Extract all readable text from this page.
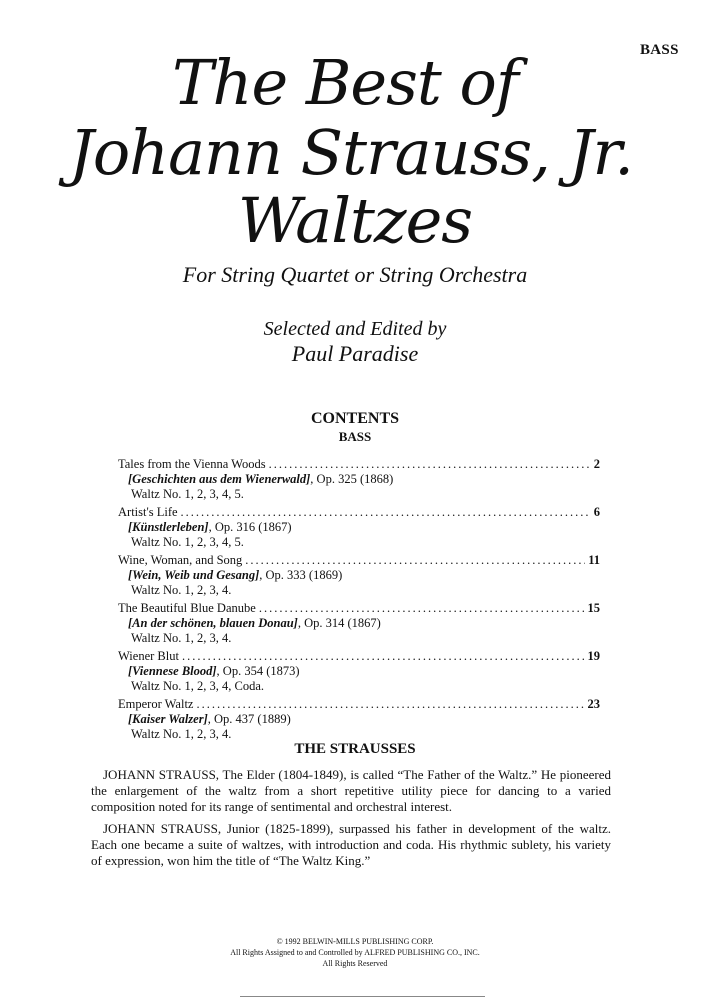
BASS
The Best of
Johann Strauss, Jr.
Waltzes
For String Quartet or String Orchestra
Selected and Edited by
Paul Paradise
CONTENTS
BASS
Tales from the Vienna Woods .....	2
[Geschichten aus dem Wienerwald], Op. 325 (1868)
Waltz No. 1, 2, 3, 4, 5.
Artist's Life .....	6
[Künstlerleben], Op. 316 (1867)
Waltz No. 1, 2, 3, 4, 5.
Wine, Woman, and Song .....	11
[Wein, Weib und Gesang], Op. 333 (1869)
Waltz No. 1, 2, 3, 4.
The Beautiful Blue Danube .....	15
[An der schönen, blauen Donau], Op. 314 (1867)
Waltz No. 1, 2, 3, 4.
Wiener Blut .....	19
[Viennese Blood], Op. 354 (1873)
Waltz No. 1, 2, 3, 4, Coda.
Emperor Waltz .....	23
[Kaiser Walzer], Op. 437 (1889)
Waltz No. 1, 2, 3, 4.
THE STRAUSSES
JOHANN STRAUSS, The Elder (1804-1849), is called “The Father of the Waltz.” He pioneered the enlargement of the waltz from a short repetitive utility piece for dancing to a varied composition noted for its range of sentimental and orchestral interest.
JOHANN STRAUSS, Junior (1825-1899), surpassed his father in development of the waltz. Each one became a suite of waltzes, with introduction and coda. His rhythmic sublety, his variety of expression, won him the title of “The Waltz King.”
© 1992 BELWIN-MILLS PUBLISHING CORP.
All Rights Assigned to and Controlled by ALFRED PUBLISHING CO., INC.
All Rights Reserved
